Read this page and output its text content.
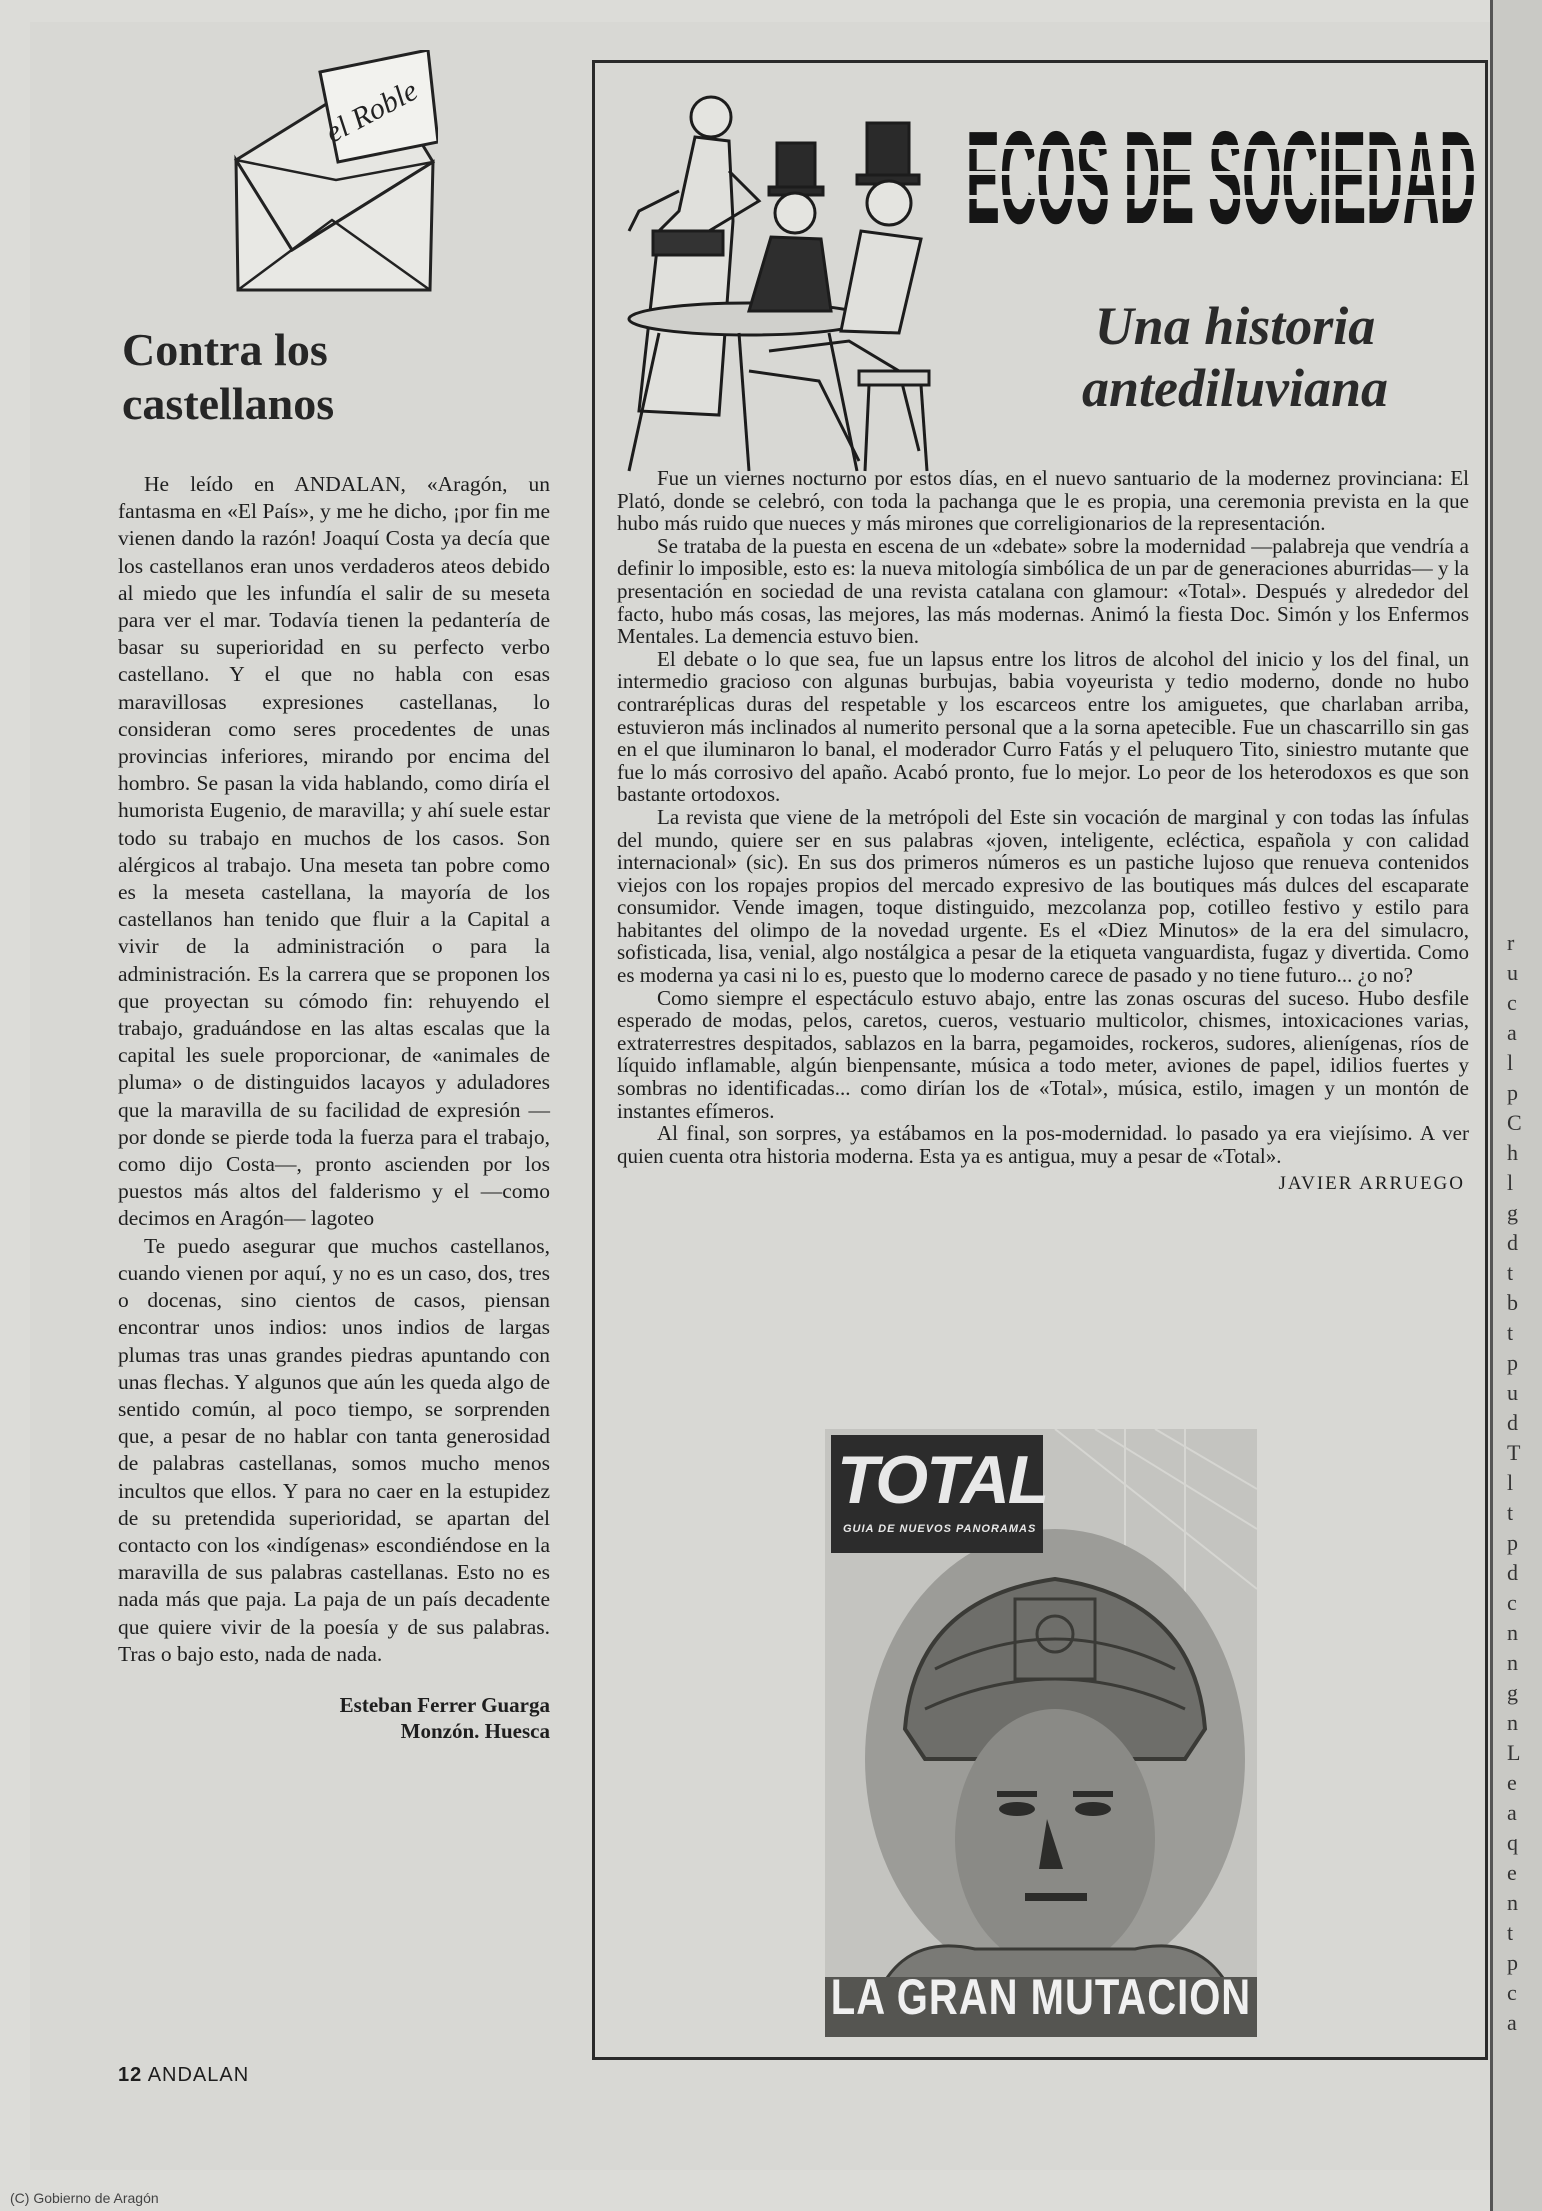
r
u
c
a
l
p
C
h
l
g
d
t
b
t
p
u
d
T
l
t
p
d
c
n
n
g
n
L
e
a
q
e
n
t
p
c
a
el Roble
Contra los
castellanos

He leído en ANDALAN, «Aragón, un fantasma en «El País», y me he dicho, ¡por fin me vienen dando la razón! Joaquí Costa ya decía que los castellanos eran unos verdaderos ateos debido al miedo que les infundía el salir de su meseta para ver el mar. Todavía tienen la pedantería de basar su superioridad en su perfecto verbo castellano. Y el que no habla con esas maravillosas expresiones castellanas, lo consideran como seres procedentes de unas provincias inferiores, mirando por encima del hombro. Se pasan la vida hablando, como diría el humorista Eugenio, de maravilla; y ahí suele estar todo su trabajo en muchos de los casos. Son alérgicos al trabajo. Una meseta tan pobre como es la meseta castellana, la mayoría de los castellanos han tenido que fluir a la Capital a vivir de la administración o para la administración. Es la carrera que se proponen los que proyectan su cómodo fin: rehuyendo el trabajo, graduándose en las altas escalas que la capital les suele proporcionar, de «animales de pluma» o de distinguidos lacayos y aduladores que la maravilla de su facilidad de expresión —por donde se pierde toda la fuerza para el trabajo, como dijo Costa—, pronto ascienden por los puestos más altos del falderismo y el —como decimos en Aragón— lagoteo

Te puedo asegurar que muchos castellanos, cuando vienen por aquí, y no es un caso, dos, tres o docenas, sino cientos de casos, piensan encontrar unos indios: unos indios de largas plumas tras unas grandes piedras apuntando con unas flechas. Y algunos que aún les queda algo de sentido común, al poco tiempo, se sorprenden que, a pesar de no hablar con tanta generosidad de palabras castellanas, somos mucho menos incultos que ellos. Y para no caer en la estupidez de su pretendida superioridad, se apartan del contacto con los «indígenas» escondiéndose en la maravilla de sus palabras castellanas. Esto no es nada más que paja. La paja de un país decadente que quiere vivir de la poesía y de sus palabras. Tras o bajo esto, nada de nada.

Esteban Ferrer Guarga
Monzón. Huesca
12 ANDALAN
ECOS DE SOCIEDAD
Una historia
antediluviana

Fue un viernes nocturno por estos días, en el nuevo santuario de la modernez provinciana: El Plató, donde se celebró, con toda la pachanga que le es propia, una ceremonia prevista en la que hubo más ruido que nueces y más mirones que correligionarios de la representación.

Se trataba de la puesta en escena de un «debate» sobre la modernidad —palabreja que vendría a definir lo imposible, esto es: la nueva mitología simbólica de un par de generaciones aburridas— y la presentación en sociedad de una revista catalana con glamour: «Total». Después y alrededor del facto, hubo más cosas, las mejores, las más modernas. Animó la fiesta Doc. Simón y los Enfermos Mentales. La demencia estuvo bien.

El debate o lo que sea, fue un lapsus entre los litros de alcohol del inicio y los del final, un intermedio gracioso con algunas burbujas, babia voyeurista y tedio moderno, donde no hubo contraréplicas duras del respetable y los escarceos entre los amiguetes, que charlaban arriba, estuvieron más inclinados al numerito personal que a la sorna apetecible. Fue un chascarrillo sin gas en el que iluminaron lo banal, el moderador Curro Fatás y el peluquero Tito, siniestro mutante que fue lo más corrosivo del apaño. Acabó pronto, fue lo mejor. Lo peor de los heterodoxos es que son bastante ortodoxos.

La revista que viene de la metrópoli del Este sin vocación de marginal y con todas las ínfulas del mundo, quiere ser en sus palabras «joven, inteligente, ecléctica, española y con calidad internacional» (sic). En sus dos primeros números es un pastiche lujoso que renueva contenidos viejos con los ropajes propios del mercado expresivo de las boutiques más dulces del escaparate consumidor. Vende imagen, toque distinguido, mezcolanza pop, cotilleo festivo y estilo para habitantes del olimpo de la novedad urgente. Es el «Diez Minutos» de la era del simulacro, sofisticada, lisa, venial, algo nostálgica a pesar de la etiqueta vanguardista, fugaz y divertida. Como es moderna ya casi ni lo es, puesto que lo moderno carece de pasado y no tiene futuro... ¿o no?

Como siempre el espectáculo estuvo abajo, entre las zonas oscuras del suceso. Hubo desfile esperado de modas, pelos, caretos, cueros, vestuario multicolor, chismes, intoxicaciones varias, extraterrestres despitados, sablazos en la barra, pegamoides, rockeros, sudores, alienígenas, ríos de líquido inflamable, algún bienpensante, música a todo meter, aviones de papel, idilios fuertes y sombras no identificadas... como dirían los de «Total», música, estilo, imagen y un montón de instantes efímeros.

Al final, son sorpres, ya estábamos en la pos-modernidad. lo pasado ya era viejísimo. A ver quien cuenta otra historia moderna. Esta ya es antigua, muy a pesar de «Total».

JAVIER ARRUEGO
TOTAL
GUIA DE NUEVOS PANORAMAS
LA GRAN MUTACION
(C) Gobierno de Aragón
